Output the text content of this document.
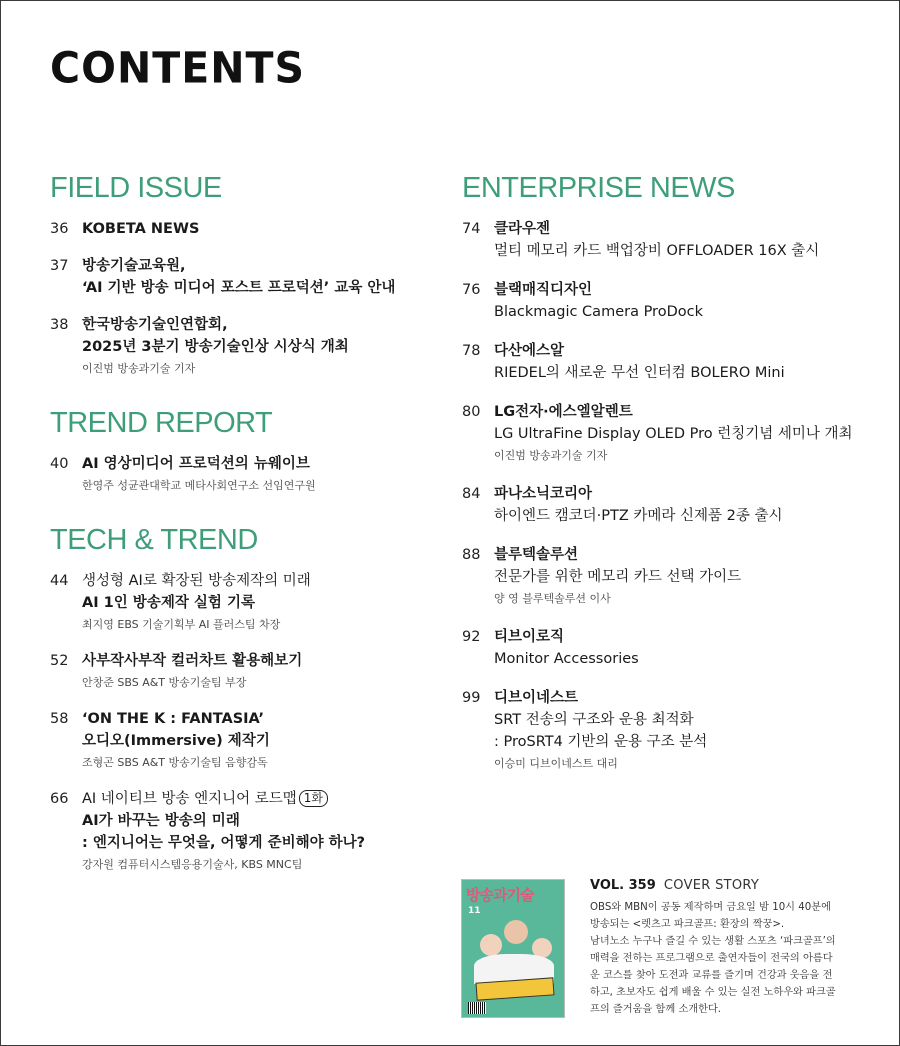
CONTENTS
FIELD ISSUE
36 KOBETA NEWS
37 방송기술교육원,
‘AI 기반 방송 미디어 포스트 프로덕션’ 교육 안내
38 한국방송기술인연합회,
2025년 3분기 방송기술인상 시상식 개최
이진범 방송과기술 기자
TREND REPORT
40 AI 영상미디어 프로덕션의 뉴웨이브
한영주 성균관대학교 메타사회연구소 선임연구원
TECH & TREND
44 생성형 AI로 확장된 방송제작의 미래
AI 1인 방송제작 실험 기록
최지영 EBS 기술기획부 AI 플러스팀 차장
52 사부작사부작 컬러차트 활용해보기
안창준 SBS A&T 방송기술팀 부장
58 ‘ON THE K : FANTASIA’
오디오(Immersive) 제작기
조형곤 SBS A&T 방송기술팀 음향감독
66 AI 네이티브 방송 엔지니어 로드맵 1화
AI가 바꾸는 방송의 미래
: 엔지니어는 무엇을, 어떻게 준비해야 하나?
강자원 컴퓨터시스템응용기술사, KBS MNC팀
ENTERPRISE NEWS
74 클라우젠
멀티 메모리 카드 백업장비 OFFLOADER 16X 출시
76 블랙매직디자인
Blackmagic Camera ProDock
78 다산에스알
RIEDEL의 새로운 무선 인터컴 BOLERO Mini
80 LG전자·에스엘알렌트
LG UltraFine Display OLED Pro 런칭기념 세미나 개최
이진범 방송과기술 기자
84 파나소닉코리아
하이엔드 캠코더·PTZ 카메라 신제품 2종 출시
88 블루텍솔루션
전문가를 위한 메모리 카드 선택 가이드
양 영 블루텍솔루션 이사
92 티브이로직
Monitor Accessories
99 디브이네스트
SRT 전송의 구조와 운용 최적화
: ProSRT4 기반의 운용 구조 분석
이승미 디브이네스트 대리
방송과기술
11
VOL. 359 COVER STORY
OBS와 MBN이 공동 제작하며 금요일 밤 10시 40분에
방송되는 <렛츠고 파크골프: 환장의 짝꿍>.
남녀노소 누구나 즐길 수 있는 생활 스포츠 ‘파크골프’의
매력을 전하는 프로그램으로 출연자들이 전국의 아름다
운 코스를 찾아 도전과 교류를 즐기며 건강과 웃음을 전
하고, 초보자도 쉽게 배울 수 있는 실전 노하우와 파크골
프의 즐거움을 함께 소개한다.
